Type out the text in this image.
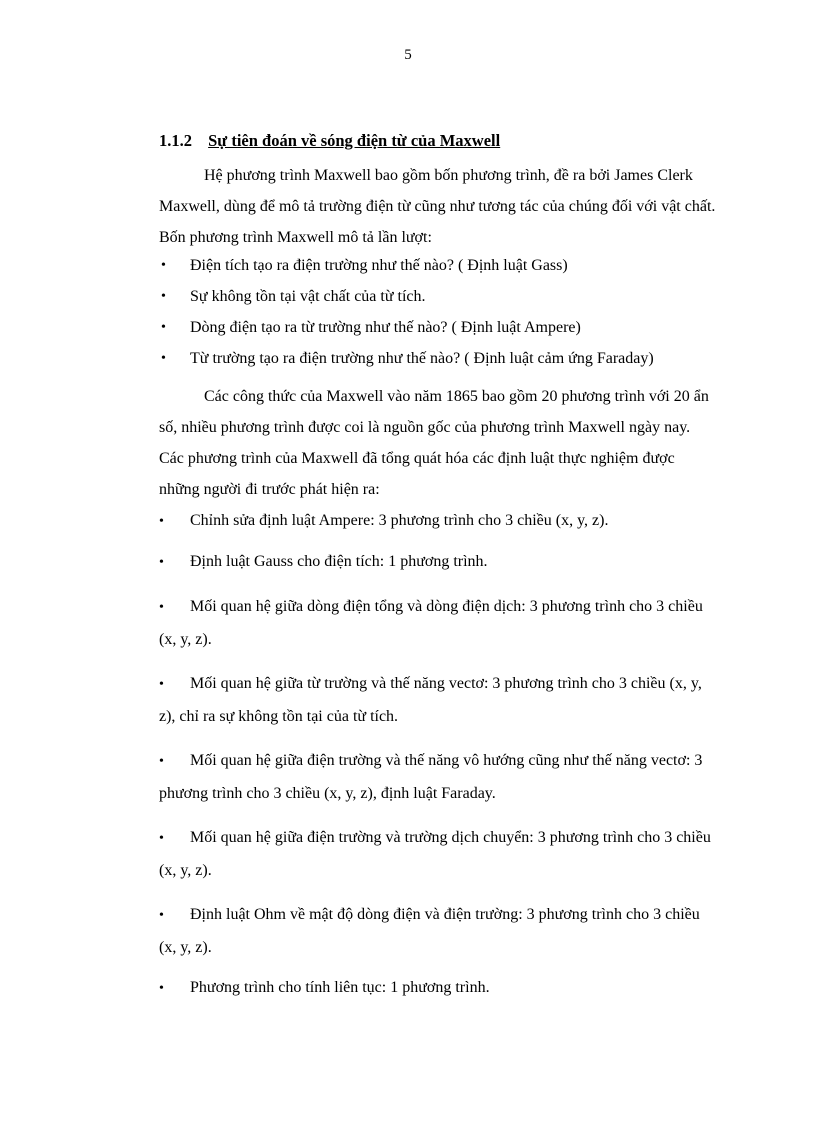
5
1.1.2 Sự tiên đoán về sóng điện từ của Maxwell

Hệ phương trình Maxwell bao gồm bốn phương trình, đề ra bởi James Clerk Maxwell, dùng để mô tả trường điện từ cũng như tương tác của chúng đối với vật chất. Bốn phương trình Maxwell mô tả lần lượt:

• Điện tích tạo ra điện trường như thế nào? ( Định luật Gass)
• Sự không tồn tại vật chất của từ tích.
• Dòng điện tạo ra từ trường như thế nào? ( Định luật Ampere)
• Từ trường tạo ra điện trường như thế nào? ( Định luật cảm ứng Faraday)

Các công thức của Maxwell vào năm 1865 bao gồm 20 phương trình với 20 ẩn số, nhiều phương trình được coi là nguồn gốc của phương trình Maxwell ngày nay. Các phương trình của Maxwell đã tổng quát hóa các định luật thực nghiệm được những người đi trước phát hiện ra:

• Chỉnh sửa định luật Ampere: 3 phương trình cho 3 chiều (x, y, z).
• Định luật Gauss cho điện tích: 1 phương trình.
• Mối quan hệ giữa dòng điện tổng và dòng điện dịch: 3 phương trình cho 3 chiều (x, y, z).
• Mối quan hệ giữa từ trường và thế năng vectơ: 3 phương trình cho 3 chiều (x, y, z), chỉ ra sự không tồn tại của từ tích.
• Mối quan hệ giữa điện trường và thế năng vô hướng cũng như thế năng vectơ: 3 phương trình cho 3 chiều (x, y, z), định luật Faraday.
• Mối quan hệ giữa điện trường và trường dịch chuyển: 3 phương trình cho 3 chiều (x, y, z).
• Định luật Ohm về mật độ dòng điện và điện trường: 3 phương trình cho 3 chiều (x, y, z).
• Phương trình cho tính liên tục: 1 phương trình.
